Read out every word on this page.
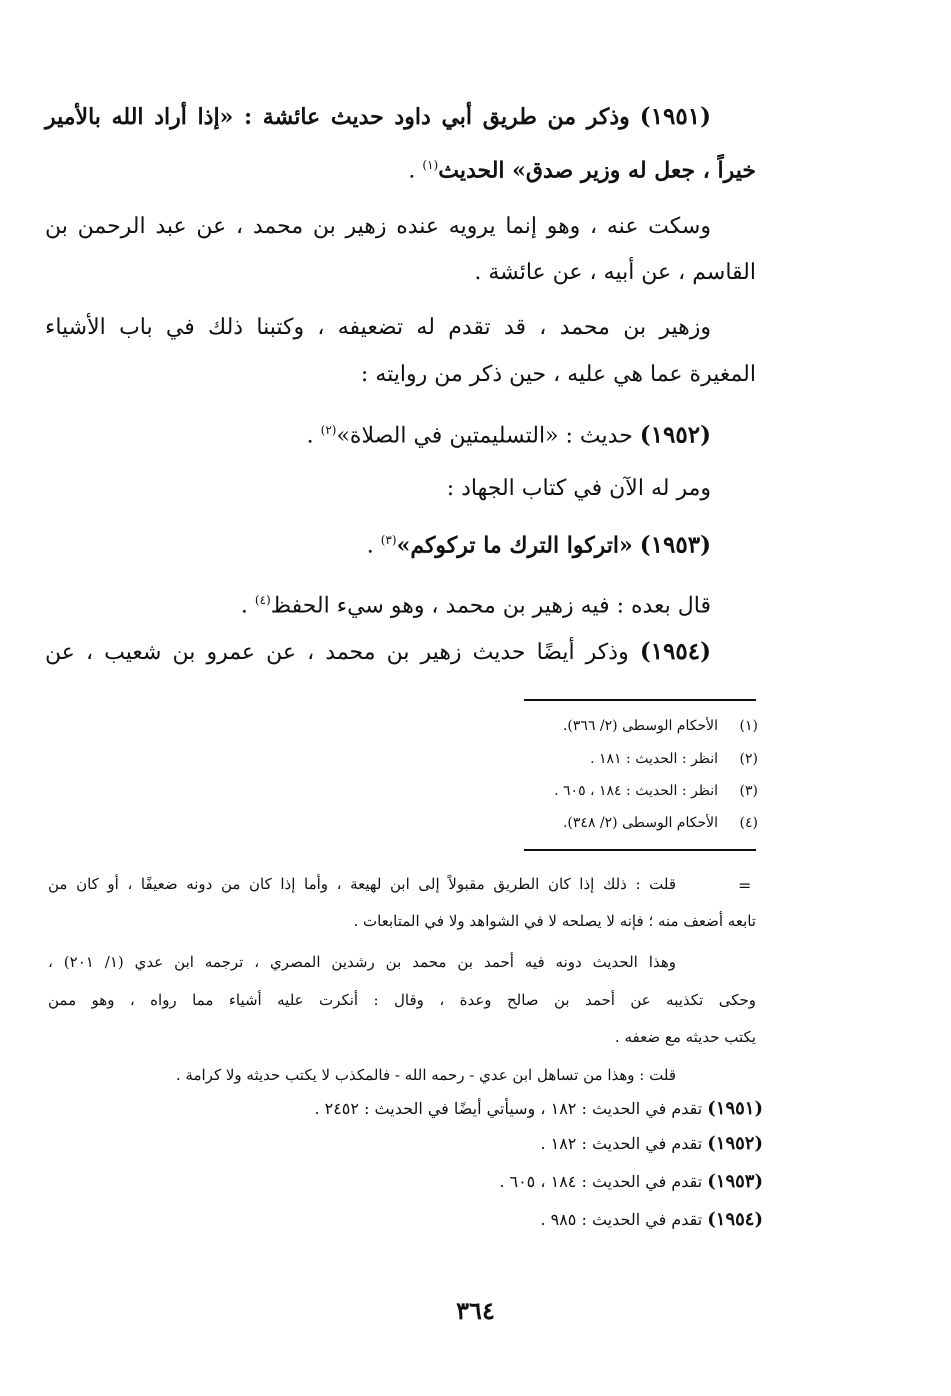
(١٩٥١) وذكر من طريق أبي داود حديث عائشة : «إذا أراد الله بالأمير
خيراً ، جعل له وزير صدق» الحديث$^{(١)}$ .
وسكت عنه ، وهو إنما يرويه عنده زهير بن محمد ، عن عبد الرحمن بن
القاسم ، عن أبيه ، عن عائشة .
وزهير بن محمد ، قد تقدم له تضعيفه ، وكتبنا ذلك في باب الأشياء
المغيرة عما هي عليه ، حين ذكر من روايته :
(١٩٥٢) حديث : «التسليمتين في الصلاة»$^{(٢)}$ .
ومر له الآن في كتاب الجهاد :
(١٩٥٣) «اتركوا الترك ما تركوكم»$^{(٣)}$ .
قال بعده : فيه زهير بن محمد ، وهو سيء الحفظ$^{(٤)}$ .
(١٩٥٤) وذكر أيضًا حديث زهير بن محمد ، عن عمرو بن شعيب ، عن
(١)الأحكام الوسطى (٢/ ٣٦٦).
(٢)انظر : الحديث : ١٨١ .
(٣)انظر : الحديث : ١٨٤ ، ٦٠٥ .
(٤)الأحكام الوسطى (٢/ ٣٤٨).
=
قلت : ذلك إذا كان الطريق مقبولاً إلى ابن لهيعة ، وأما إذا كان من دونه ضعيفًا ، أو كان من
تابعه أضعف منه ؛ فإنه لا يصلحه لا في الشواهد ولا في المتابعات .
وهذا الحديث دونه فيه أحمد بن محمد بن رشدين المصري ، ترجمه ابن عدي (١/ ٢٠١) ،
وحكى تكذيبه عن أحمد بن صالح وعدة ، وقال : أنكرت عليه أشياء مما رواه ، وهو ممن
يكتب حديثه مع ضعفه .
قلت : وهذا من تساهل ابن عدي - رحمه الله - فالمكذب لا يكتب حديثه ولا كرامة .
(١٩٥١) تقدم في الحديث : ١٨٢ ، وسيأتي أيضًا في الحديث : ٢٤٥٢ .
(١٩٥٢) تقدم في الحديث : ١٨٢ .
(١٩٥٣) تقدم في الحديث : ١٨٤ ، ٦٠٥ .
(١٩٥٤) تقدم في الحديث : ٩٨٥ .
٣٦٤
